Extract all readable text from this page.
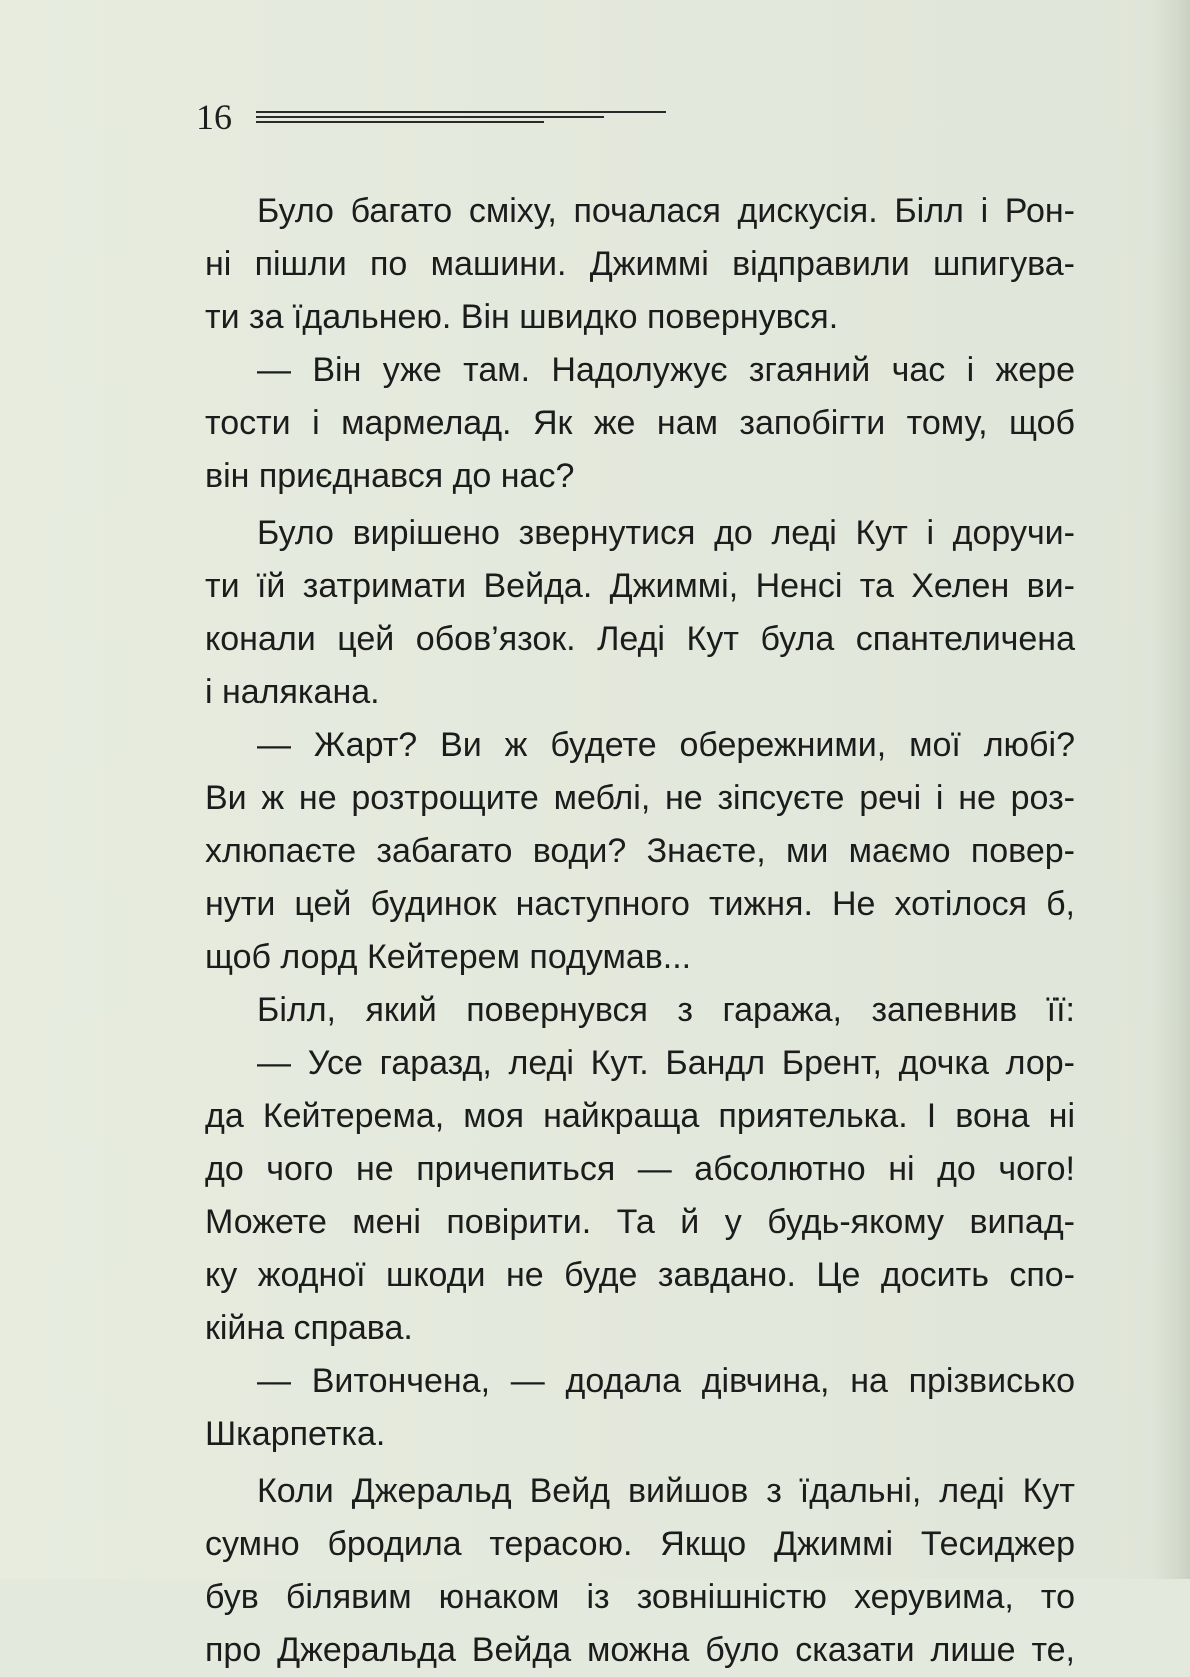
16
Було багато сміху, почалася дискусія. Білл і Рон-
ні пішли по машини. Джиммі відправили шпигува-
ти за їдальнею. Він швидко повернувся.
— Він уже там. Надолужує згаяний час і жере
тости і мармелад. Як же нам запобігти тому, щоб
він приєднався до нас?
Було вирішено звернутися до леді Кут і доручи-
ти їй затримати Вейда. Джиммі, Ненсі та Хелен ви-
конали цей обов’язок. Леді Кут була спантеличена
і налякана.
— Жарт? Ви ж будете обережними, мої любі?
Ви ж не розтрощите меблі, не зіпсуєте речі і не роз-
хлюпаєте забагато води? Знаєте, ми маємо повер-
нути цей будинок наступного тижня. Не хотілося б,
щоб лорд Кейтерем подумав...
Білл, який повернувся з гаража, запевнив її:
— Усе гаразд, леді Кут. Бандл Брент, дочка лор-
да Кейтерема, моя найкраща приятелька. І вона ні
до чого не причепиться — абсолютно ні до чого!
Можете мені повірити. Та й у будь-якому випад-
ку жодної шкоди не буде завдано. Це досить спо-
кійна справа.
— Витончена, — додала дівчина, на прізвисько
Шкарпетка.
Коли Джеральд Вейд вийшов з їдальні, леді Кут
сумно бродила терасою. Якщо Джиммі Тесиджер
був білявим юнаком із зовнішністю херувима, то
про Джеральда Вейда можна було сказати лише те,
